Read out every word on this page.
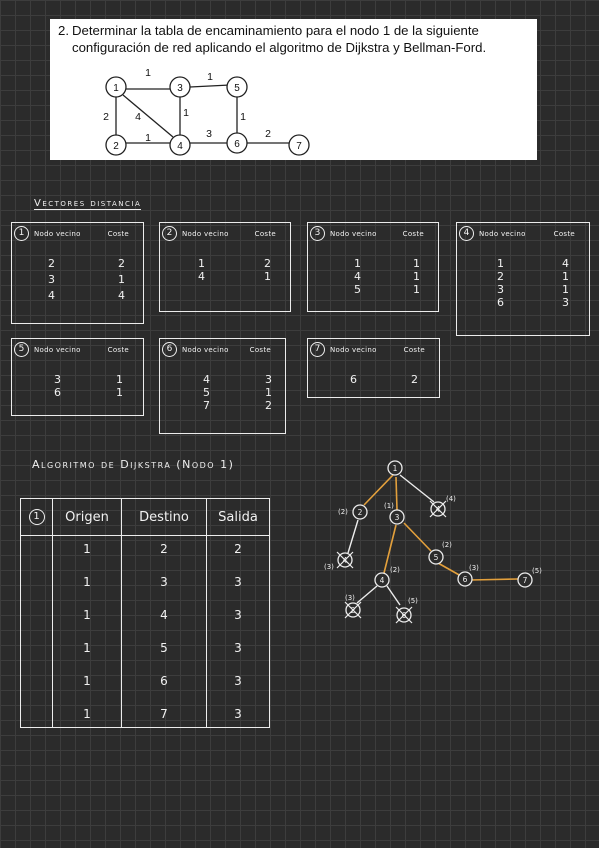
2. Determinar la tabla de encaminamiento para el nodo 1 de la siguiente
configuración de red aplicando el algoritmo de Dijkstra y Bellman-Ford.
1	3	5
2	4	6	7
1	1
2 4	1	1
1	3	2
Vectores distancia
1	Nodo vecino	Coste
2	2
3	1
4	4
2	Nodo vecino	Coste
1	2
4	1
3	Nodo vecino	Coste
1	1
4	1
5	1
4	Nodo vecino	Coste
1	4
2	1
3	1
6	3
5	Nodo vecino	Coste
3	1
6	1
6	Nodo vecino	Coste
4	3
5	1
7	2
7	Nodo vecino	Coste
6	2
Algoritmo de Dijkstra (Nodo 1)
1	Origen	Destino	Salida
1	2	2
1	3	3
1	4	3
1	5	3
1	6	3
1	7	3
1
2
3
4
4
4
5
6	7
2
6
(2)
(1)
(4)
(3)	(2)
(2)
(3)	(5)
(3)	(5)
